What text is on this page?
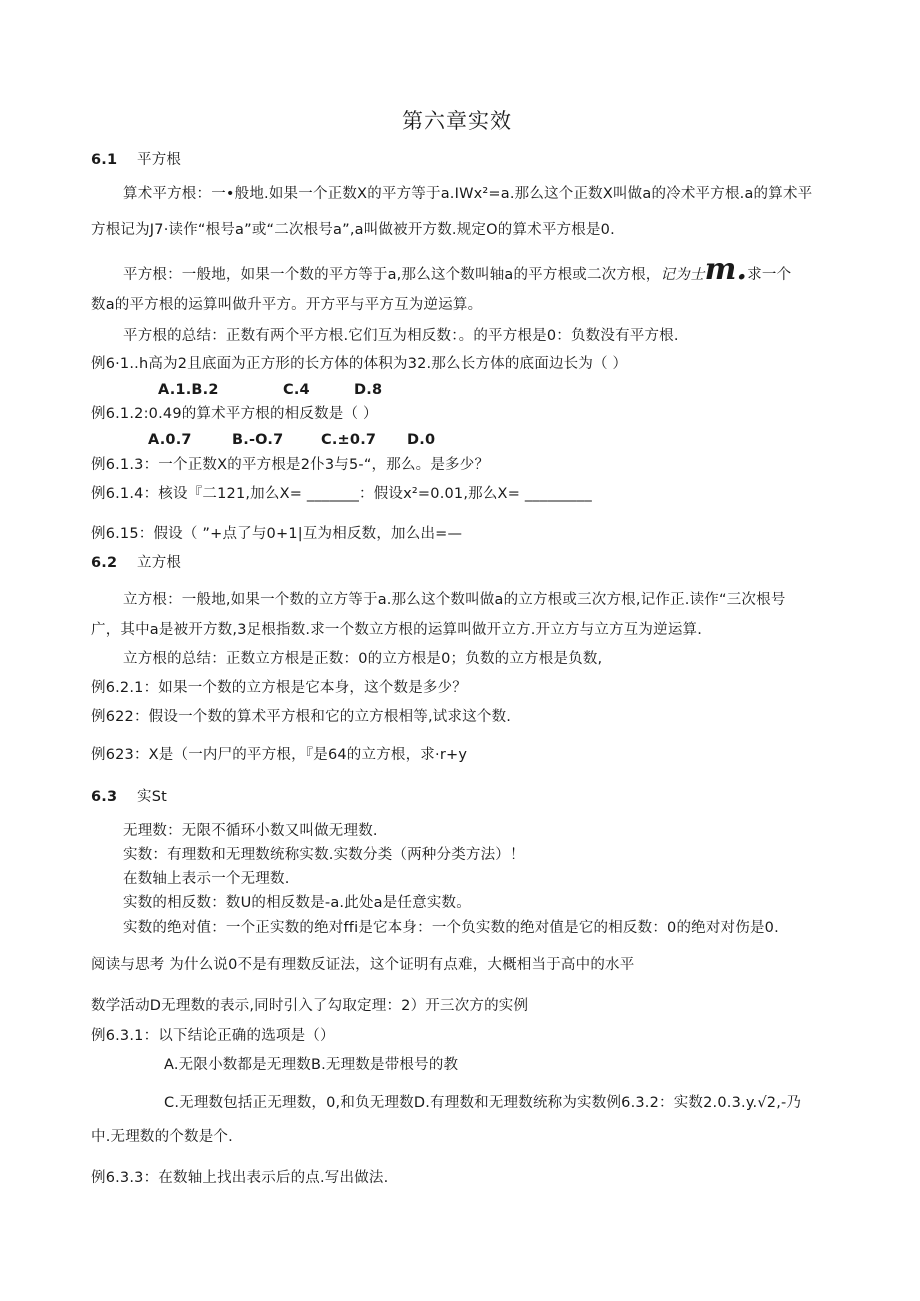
第六章实效
6.1 平方根
算术平方根：一•般地.如果一个正数X的平方等于a.IWx²=a.那么这个正数X叫做a的冷术平方根.a的算术平
方根记为J7·读作“根号a”或“二次根号a”,a叫做被开方数.规定O的算术平方根是0.
平方根：一般地，如果一个数的平方等于a,那么这个数叫轴a的平方根或二次方根，记为士m.求一个
数a的平方根的运算叫做升平方。开方平与平方互为逆运算。
平方根的总结：正数有两个平方根.它们互为相反数：。的平方根是0：负数没有平方根.
例6·1..h高为2且底面为正方形的长方体的体积为32.那么长方体的底面边长为（ ）
A.1.B.2	C.4	D.8
例6.1.2:0.49的算术平方根的相反数是（ ）
A.0.7	B.-O.7	C.±0.7 D.0
例6.1.3：一个正数X的平方根是2仆3与5-“，那么。是多少？
例6.1.4：核设『二121,加么X= _______：假设x²=0.01,那么X= _________
例6.15：假设（ ”+点了与0+1|互为相反数，加么出=—
6.2 立方根
立方根：一般地,如果一个数的立方等于a.那么这个数叫做a的立方根或三次方根,记作正.读作“三次根号
广，其中a是被开方数,3足根指数.求一个数立方根的运算叫做开立方.开立方与立方互为逆运算.
立方根的总结：正数立方根是正数：0的立方根是0；负数的立方根是负数,
例6.2.1：如果一个数的立方根是它本身，这个数是多少？
例622：假设一个数的算术平方根和它的立方根相等,试求这个数.
例623：X是（一内尸的平方根，『是64的立方根，求·r+y
6.3 实St
无理数：无限不循环小数又叫做无理数.
实数：有理数和无理数统称实数.实数分类（两种分类方法）！
在数轴上表示一个无理数.
实数的相反数：数U的相反数是-a.此处a是任意实数。
实数的绝对值：一个正实数的绝对ffi是它本身：一个负实数的绝对值是它的相反数：0的绝对对伤是0.
阅读与思考 为什么说0不是有理数反证法，这个证明有点难，大概相当于高中的水平
数学活动D无理数的表示,同时引入了勾取定理：2）开三次方的实例
例6.3.1：以下结论正确的选项是（）
A.无限小数都是无理数B.无理数是带根号的教
C.无理数包括正无理数，0,和负无理数D.有理数和无理数统称为实数例6.3.2：实数2.0.3.y.√2,-乃
中.无理数的个数是个.
例6.3.3：在数轴上找出表示后的点.写出做法.
